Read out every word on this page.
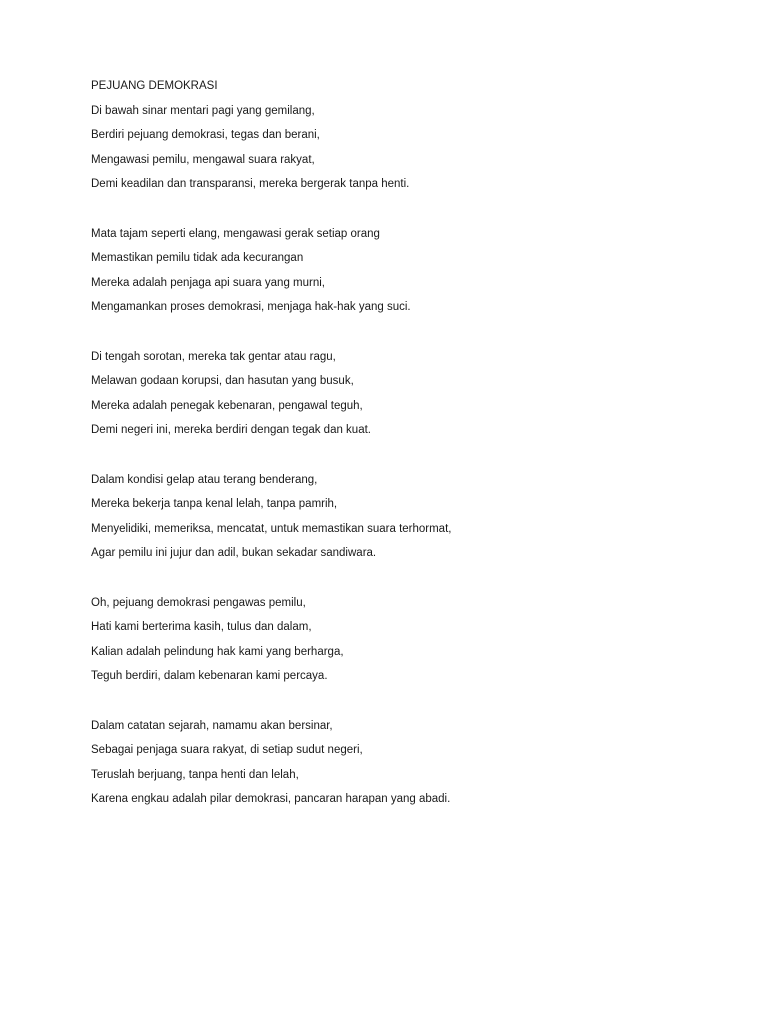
PEJUANG DEMOKRASI
Di bawah sinar mentari pagi yang gemilang,
Berdiri pejuang demokrasi, tegas dan berani,
Mengawasi pemilu, mengawal suara rakyat,
Demi keadilan dan transparansi, mereka bergerak tanpa henti.
Mata tajam seperti elang, mengawasi gerak setiap orang
Memastikan pemilu tidak ada kecurangan
Mereka adalah penjaga api suara yang murni,
Mengamankan proses demokrasi, menjaga hak-hak yang suci.
Di tengah sorotan, mereka tak gentar atau ragu,
Melawan godaan korupsi, dan hasutan yang busuk,
Mereka adalah penegak kebenaran, pengawal teguh,
Demi negeri ini, mereka berdiri dengan tegak dan kuat.
Dalam kondisi gelap atau terang benderang,
Mereka bekerja tanpa kenal lelah, tanpa pamrih,
Menyelidiki, memeriksa, mencatat, untuk memastikan suara terhormat,
Agar pemilu ini jujur dan adil, bukan sekadar sandiwara.
Oh, pejuang demokrasi pengawas pemilu,
Hati kami berterima kasih, tulus dan dalam,
Kalian adalah pelindung hak kami yang berharga,
Teguh berdiri, dalam kebenaran kami percaya.
Dalam catatan sejarah, namamu akan bersinar,
Sebagai penjaga suara rakyat, di setiap sudut negeri,
Teruslah berjuang, tanpa henti dan lelah,
Karena engkau adalah pilar demokrasi, pancaran harapan yang abadi.
